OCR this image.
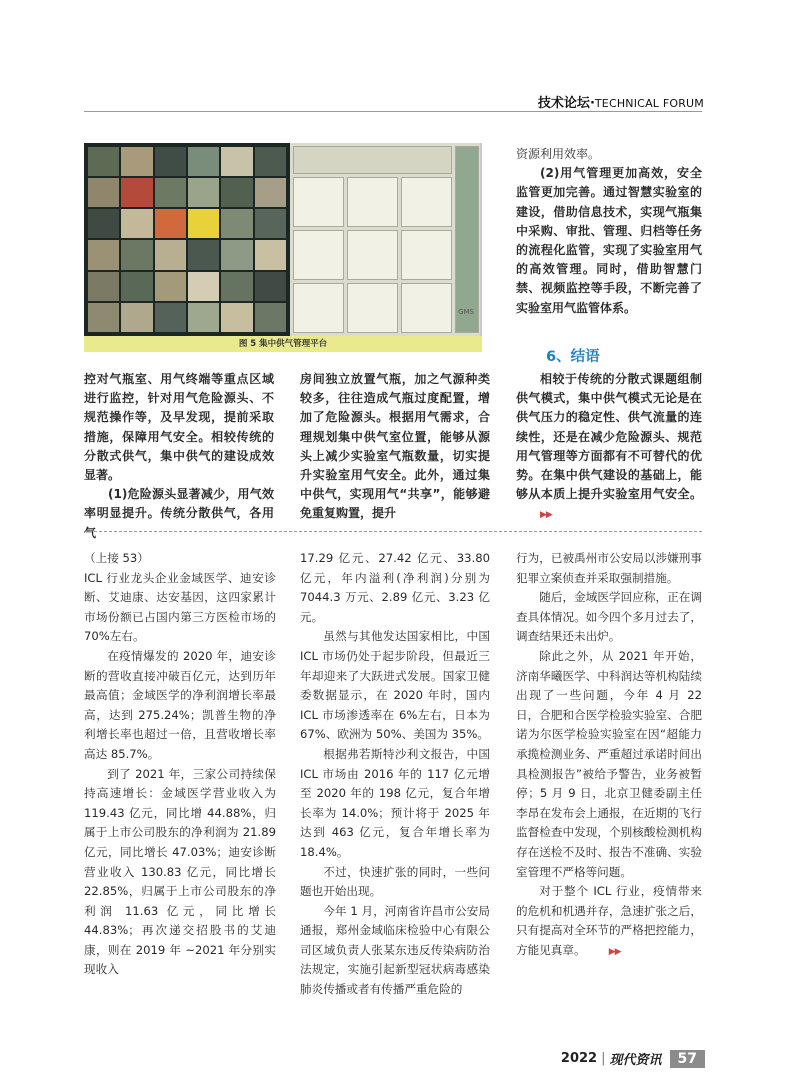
技术论坛·TECHNICAL FORUM
GMS
图 5 集中供气管理平台

资源利用效率。

(2)用气管理更加高效，安全监管更加完善。通过智慧实验室的建设，借助信息技术，实现气瓶集中采购、审批、管理、归档等任务的流程化监管，实现了实验室用气的高效管理。同时，借助智慧门禁、视频监控等手段，不断完善了实验室用气监管体系。

6、结语

相较于传统的分散式课题组制供气模式，集中供气模式无论是在供气压力的稳定性、供气流量的连续性，还是在减少危险源头、规范用气管理等方面都有不可替代的优势。在集中供气建设的基础上，能够从本质上提升实验室用气安全。▶▶

控对气瓶室、用气终端等重点区域进行监控，针对用气危险源头、不规范操作等，及早发现，提前采取措施，保障用气安全。相较传统的分散式供气，集中供气的建设成效显著。

(1)危险源头显著减少，用气效率明显提升。传统分散供气，各用气

房间独立放置气瓶，加之气源种类较多，往往造成气瓶过度配置，增加了危险源头。根据用气需求，合理规划集中供气室位置，能够从源头上减少实验室气瓶数量，切实提升实验室用气安全。此外，通过集中供气，实现用气“共享”，能够避免重复购置，提升

（上接 53）

ICL 行业龙头企业金域医学、迪安诊断、艾迪康、达安基因，这四家累计市场份额已占国内第三方医检市场的 70%左右。

在疫情爆发的 2020 年，迪安诊断的营收直接冲破百亿元，达到历年最高值；金域医学的净利润增长率最高，达到 275.24%；凯普生物的净利增长率也超过一倍，且营收增长率高达 85.7%。

到了 2021 年，三家公司持续保持高速增长：金域医学营业收入为 119.43 亿元，同比增 44.88%，归属于上市公司股东的净利润为 21.89 亿元，同比增长 47.03%；迪安诊断营业收入 130.83 亿元，同比增长 22.85%，归属于上市公司股东的净利润 11.63 亿元，同比增长 44.83%；再次递交招股书的艾迪康，则在 2019 年 ~2021 年分别实现收入

17.29 亿元、27.42 亿元、33.80 亿元，年内溢利(净利润)分别为 7044.3 万元、2.89 亿元、3.23 亿元。

虽然与其他发达国家相比，中国 ICL 市场仍处于起步阶段，但最近三年却迎来了大跃进式发展。国家卫健委数据显示，在 2020 年时，国内 ICL 市场渗透率在 6%左右，日本为 67%、欧洲为 50%、美国为 35%。

根据弗若斯特沙利文报告，中国 ICL 市场由 2016 年的 117 亿元增至 2020 年的 198 亿元，复合年增长率为 14.0%；预计将于 2025 年达到 463 亿元，复合年增长率为 18.4%。

不过，快速扩张的同时，一些问题也开始出现。

今年 1 月，河南省许昌市公安局通报，郑州金域临床检验中心有限公司区域负责人张某东违反传染病防治法规定，实施引起新型冠状病毒感染肺炎传播或者有传播严重危险的

行为，已被禹州市公安局以涉嫌刑事犯罪立案侦查并采取强制措施。

随后，金域医学回应称，正在调查具体情况。如今四个多月过去了，调查结果还未出炉。

除此之外，从 2021 年开始，济南华曦医学、中科润达等机构陆续出现了一些问题，今年 4 月 22 日，合肥和合医学检验实验室、合肥诺为尔医学检验实验室在因“超能力承揽检测业务、严重超过承诺时间出具检测报告”被给予警告，业务被暂停；5 月 9 日，北京卫健委副主任李昂在发布会上通报，在近期的飞行监督检查中发现，个别核酸检测机构存在送检不及时、报告不准确、实验室管理不严格等问题。

对于整个 ICL 行业，疫情带来的危机和机遇并存，急速扩张之后，只有提高对全环节的严格把控能力，方能见真章。	▶▶

2022 | 现代资讯	57
